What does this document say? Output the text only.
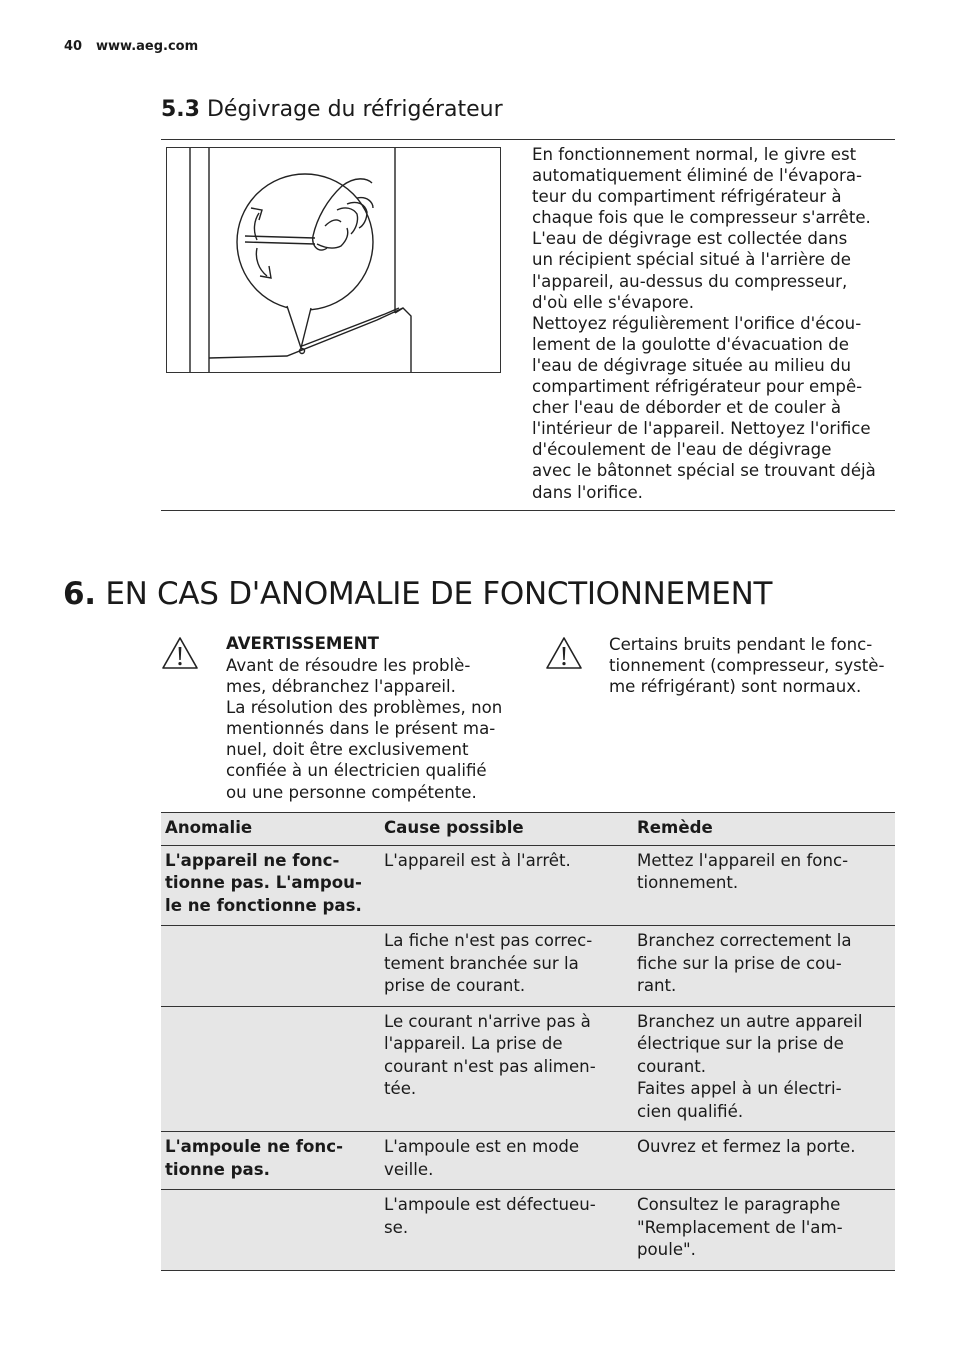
40 www.aeg.com
5.3 Dégivrage du réfrigérateur
En fonctionnement normal, le givre est
automatiquement éliminé de l'évapora-
teur du compartiment réfrigérateur à
chaque fois que le compresseur s'arrête.
L'eau de dégivrage est collectée dans
un récipient spécial situé à l'arrière de
l'appareil, au-dessus du compresseur,
d'où elle s'évapore.
Nettoyez régulièrement l'orifice d'écou-
lement de la goulotte d'évacuation de
l'eau de dégivrage située au milieu du
compartiment réfrigérateur pour empê-
cher l'eau de déborder et de couler à
l'intérieur de l'appareil. Nettoyez l'orifice
d'écoulement de l'eau de dégivrage
avec le bâtonnet spécial se trouvant déjà
dans l'orifice.
6. EN CAS D'ANOMALIE DE FONCTIONNEMENT
AVERTISSEMENT
Avant de résoudre les problè-
mes, débranchez l'appareil.
La résolution des problèmes, non
mentionnés dans le présent ma-
nuel, doit être exclusivement
confiée à un électricien qualifié
ou une personne compétente.
Certains bruits pendant le fonc-
tionnement (compresseur, systè-
me réfrigérant) sont normaux.
Anomalie	Cause possible	Remède
L'appareil ne fonc-
tionne pas. L'ampou-
le ne fonctionne pas.	L'appareil est à l'arrêt.	Mettez l'appareil en fonc-
tionnement.
	La fiche n'est pas correc-
tement branchée sur la
prise de courant.	Branchez correctement la
fiche sur la prise de cou-
rant.
	Le courant n'arrive pas à
l'appareil. La prise de
courant n'est pas alimen-
tée.	Branchez un autre appareil
électrique sur la prise de
courant.
Faites appel à un électri-
cien qualifié.
L'ampoule ne fonc-
tionne pas.	L'ampoule est en mode
veille.	Ouvrez et fermez la porte.
	L'ampoule est défectueu-
se.	Consultez le paragraphe
"Remplacement de l'am-
poule".
